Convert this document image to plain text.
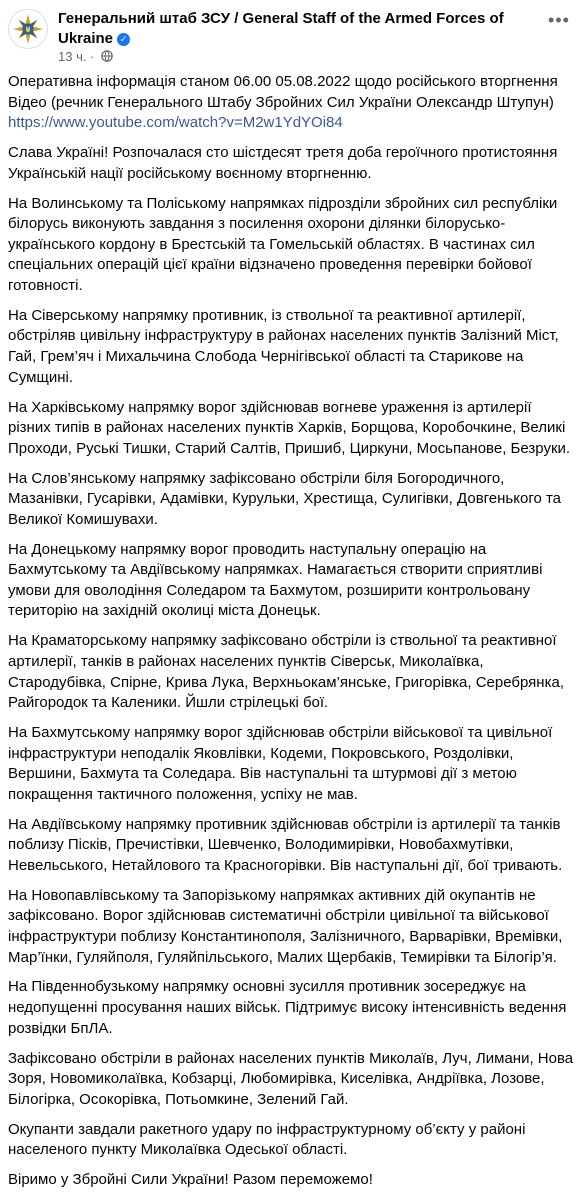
Генеральний штаб ЗСУ / General Staff of the Armed Forces of Ukraine ✓
13 ч. ·
•••

Оперативна інформація станом 06.00 05.08.2022 щодо російського вторгнення Відео (речник Генерального Штабу Збройних Сил України Олександр Штупун)
https://www.youtube.com/watch?v=M2w1YdYOi84

Слава Україні! Розпочалася сто шістдесят третя доба героїчного протистояння Українській нації російському воєнному вторгненню.

На Волинському та Поліському напрямках підрозділи збройних сил республіки білорусь виконують завдання з посилення охорони ділянки білорусько-українського кордону в Брестській та Гомельській областях. В частинах сил спеціальних операцій цієї країни відзначено проведення перевірки бойової готовності.

На Сіверському напрямку противник, із ствольної та реактивної артилерії, обстріляв цивільну інфраструктуру в районах населених пунктів Залізний Міст, Гай, Грем’яч і Михальчина Слобода Чернігівської області та Старикове на Сумщині.

На Харківському напрямку ворог здійснював вогневе ураження із артилерії різних типів в районах населених пунктів Харків, Борщова, Коробочкине, Великі Проходи, Руські Тишки, Старий Салтів, Пришиб, Циркуни, Мосьпанове, Безруки.

На Слов’янському напрямку зафіксовано обстріли біля Богородичного, Мазанівки, Гусарівки, Адамівки, Курульки, Хрестища, Сулигівки, Довгенького та Великої Комишувахи.

На Донецькому напрямку ворог проводить наступальну операцію на Бахмутському та Авдіївському напрямках. Намагається створити сприятливі умови для оволодіння Соледаром та Бахмутом, розширити контрольовану територію на західній околиці міста Донецьк.

На Краматорському напрямку зафіксовано обстріли із ствольної та реактивної артилерії, танків в районах населених пунктів Сіверськ, Миколаївка, Стародубівка, Спірне, Крива Лука, Верхньокам’янське, Григорівка, Серебрянка, Райгородок та Каленики. Йшли стрілецькі бої.

На Бахмутському напрямку ворог здійснював обстріли військової та цивільної інфраструктури неподалік Яковлівки, Кодеми, Покровського, Роздолівки, Вершини, Бахмута та Соледара. Вів наступальні та штурмові дії з метою покращення тактичного положення, успіху не мав.

На Авдіївському напрямку противник здійснював обстріли із артилерії та танків поблизу Пісків, Пречистівки, Шевченко, Володимирівки, Новобахмутівки, Невельського, Нетайлового та Красногорівки. Вів наступальні дії, бої тривають.

На Новопавлівському та Запорізькому напрямках активних дій окупантів не зафіксовано. Ворог здійснював систематичні обстріли цивільної та військової інфраструктури поблизу Константинополя, Залізничного, Варварівки, Времівки, Мар’їнки, Гуляйполя, Гуляйпільського, Малих Щербаків, Темирівки та Білогір’я.

На Південнобузькому напрямку основні зусилля противник зосереджує на недопущенні просування наших військ. Підтримує високу інтенсивність ведення розвідки БпЛА.

Зафіксовано обстріли в районах населених пунктів Миколаїв, Луч, Лимани, Нова Зоря, Новомиколаївка, Кобзарці, Любомирівка, Киселівка, Андріївка, Лозове, Білогірка, Осокорівка, Потьомкине, Зелений Гай.

Окупанти завдали ракетного удару по інфраструктурному об’єкту у районі населеного пункту Миколаївка Одеської області.

Віримо у Збройні Сили України! Разом переможемо!
